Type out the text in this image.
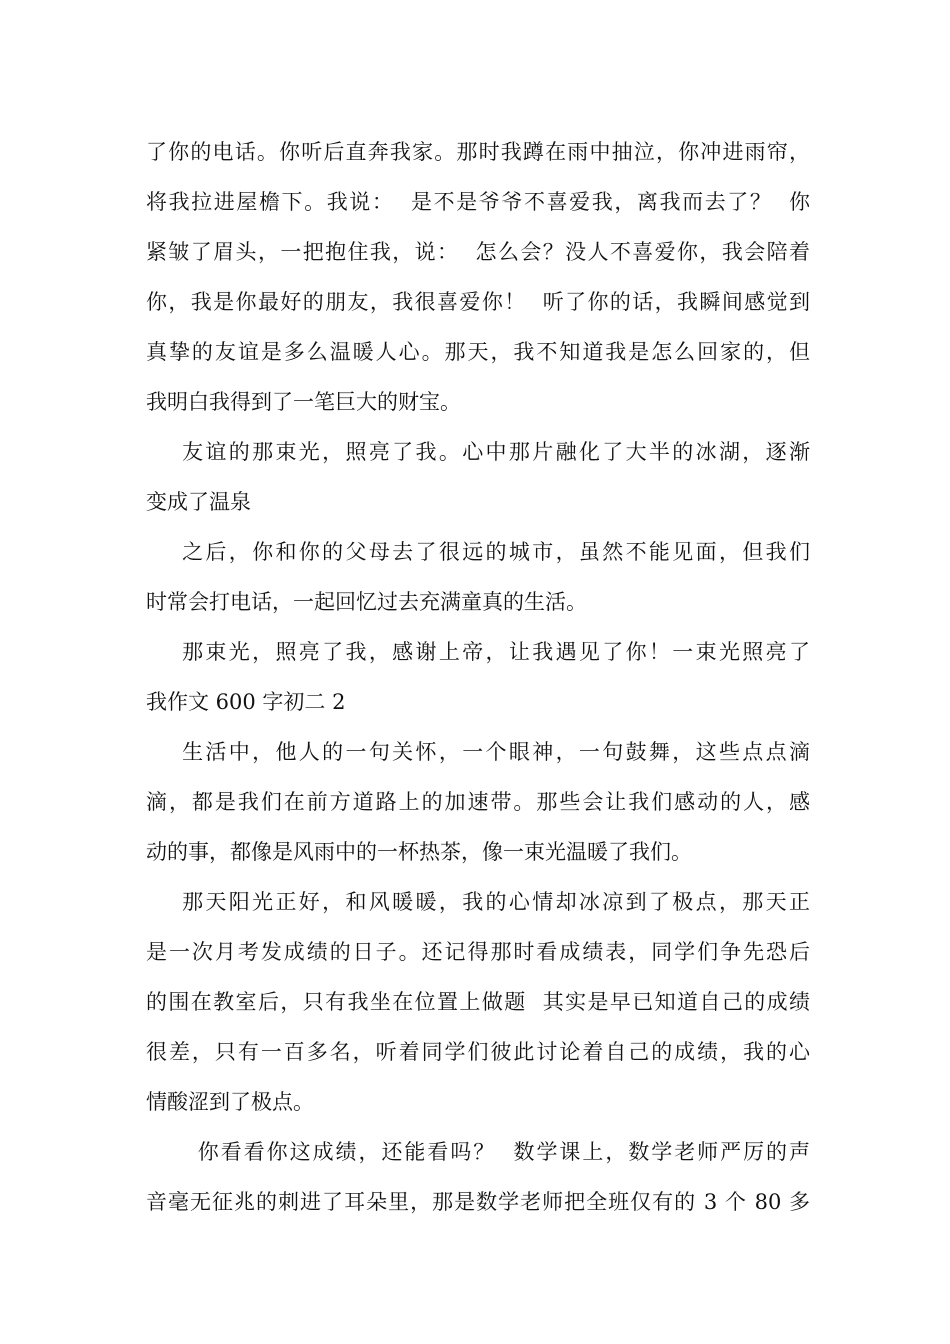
了你的电话。你听后直奔我家。那时我蹲在雨中抽泣，你冲进雨帘，
将我拉进屋檐下。我说：  是不是爷爷不喜爱我，离我而去了？  你
紧皱了眉头，一把抱住我，说：  怎么会？没人不喜爱你，我会陪着
你，我是你最好的朋友，我很喜爱你！  听了你的话，我瞬间感觉到
真挚的友谊是多么温暖人心。那天，我不知道我是怎么回家的，但
我明白我得到了一笔巨大的财宝。
友谊的那束光，照亮了我。心中那片融化了大半的冰湖，逐渐
变成了温泉
之后，你和你的父母去了很远的城市，虽然不能见面，但我们
时常会打电话，一起回忆过去充满童真的生活。
那束光，照亮了我，感谢上帝，让我遇见了你！一束光照亮了
我作文 600 字初二 2
生活中，他人的一句关怀，一个眼神，一句鼓舞，这些点点滴
滴，都是我们在前方道路上的加速带。那些会让我们感动的人，感
动的事，都像是风雨中的一杯热茶，像一束光温暖了我们。
那天阳光正好，和风暖暖，我的心情却冰凉到了极点，那天正
是一次月考发成绩的日子。还记得那时看成绩表，同学们争先恐后
的围在教室后，只有我坐在位置上做题  其实是早已知道自己的成绩
很差，只有一百多名，听着同学们彼此讨论着自己的成绩，我的心
情酸涩到了极点。
你看看你这成绩，还能看吗？  数学课上，数学老师严厉的声
音毫无征兆的刺进了耳朵里，那是数学老师把全班仅有的 3 个 80 多
